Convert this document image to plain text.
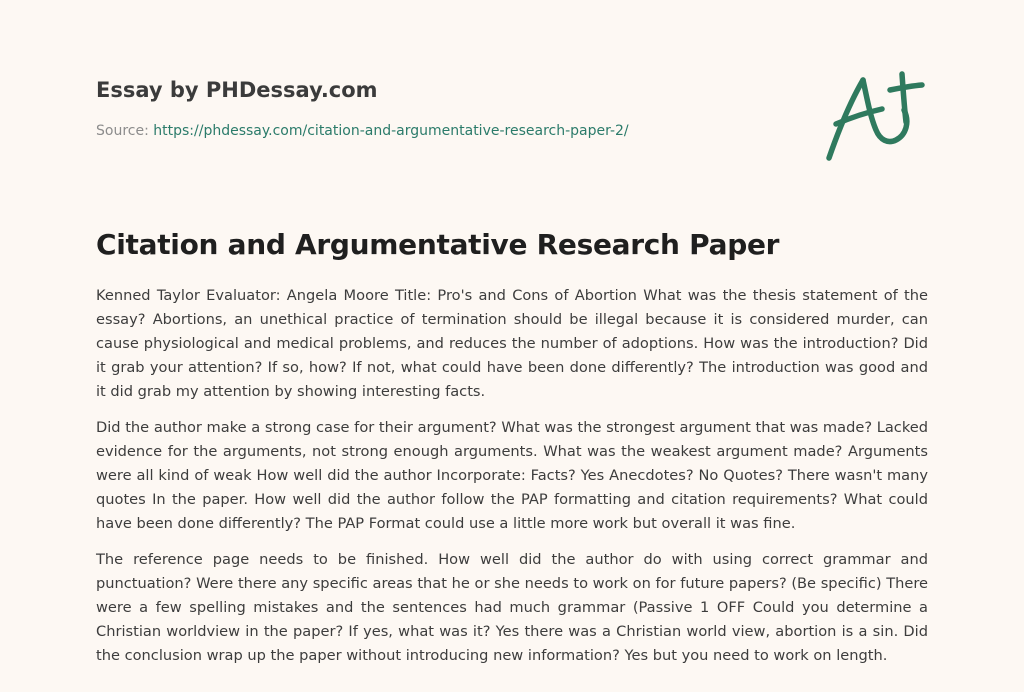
Essay by PHDessay.com
Source: https://phdessay.com/citation-and-argumentative-research-paper-2/
Citation and Argumentative Research Paper

Kenned Taylor Evaluator: Angela Moore Title: Pro's and Cons of Abortion What was the thesis statement of the essay? Abortions, an unethical practice of termination should be illegal because it is considered murder, can cause physiological and medical problems, and reduces the number of adoptions. How was the introduction? Did it grab your attention? If so, how? If not, what could have been done differently? The introduction was good and it did grab my attention by showing interesting facts.

Did the author make a strong case for their argument? What was the strongest argument that was made? Lacked evidence for the arguments, not strong enough arguments. What was the weakest argument made? Arguments were all kind of weak How well did the author Incorporate: Facts? Yes Anecdotes? No Quotes? There wasn't many quotes In the paper. How well did the author follow the PAP formatting and citation requirements? What could have been done differently? The PAP Format could use a little more work but overall it was fine.

The reference page needs to be finished. How well did the author do with using correct grammar and punctuation? Were there any specific areas that he or she needs to work on for future papers? (Be specific) There were a few spelling mistakes and the sentences had much grammar (Passive 1 OFF Could you determine a Christian worldview in the paper? If yes, what was it? Yes there was a Christian world view, abortion is a sin. Did the conclusion wrap up the paper without introducing new information? Yes but you need to work on length.
